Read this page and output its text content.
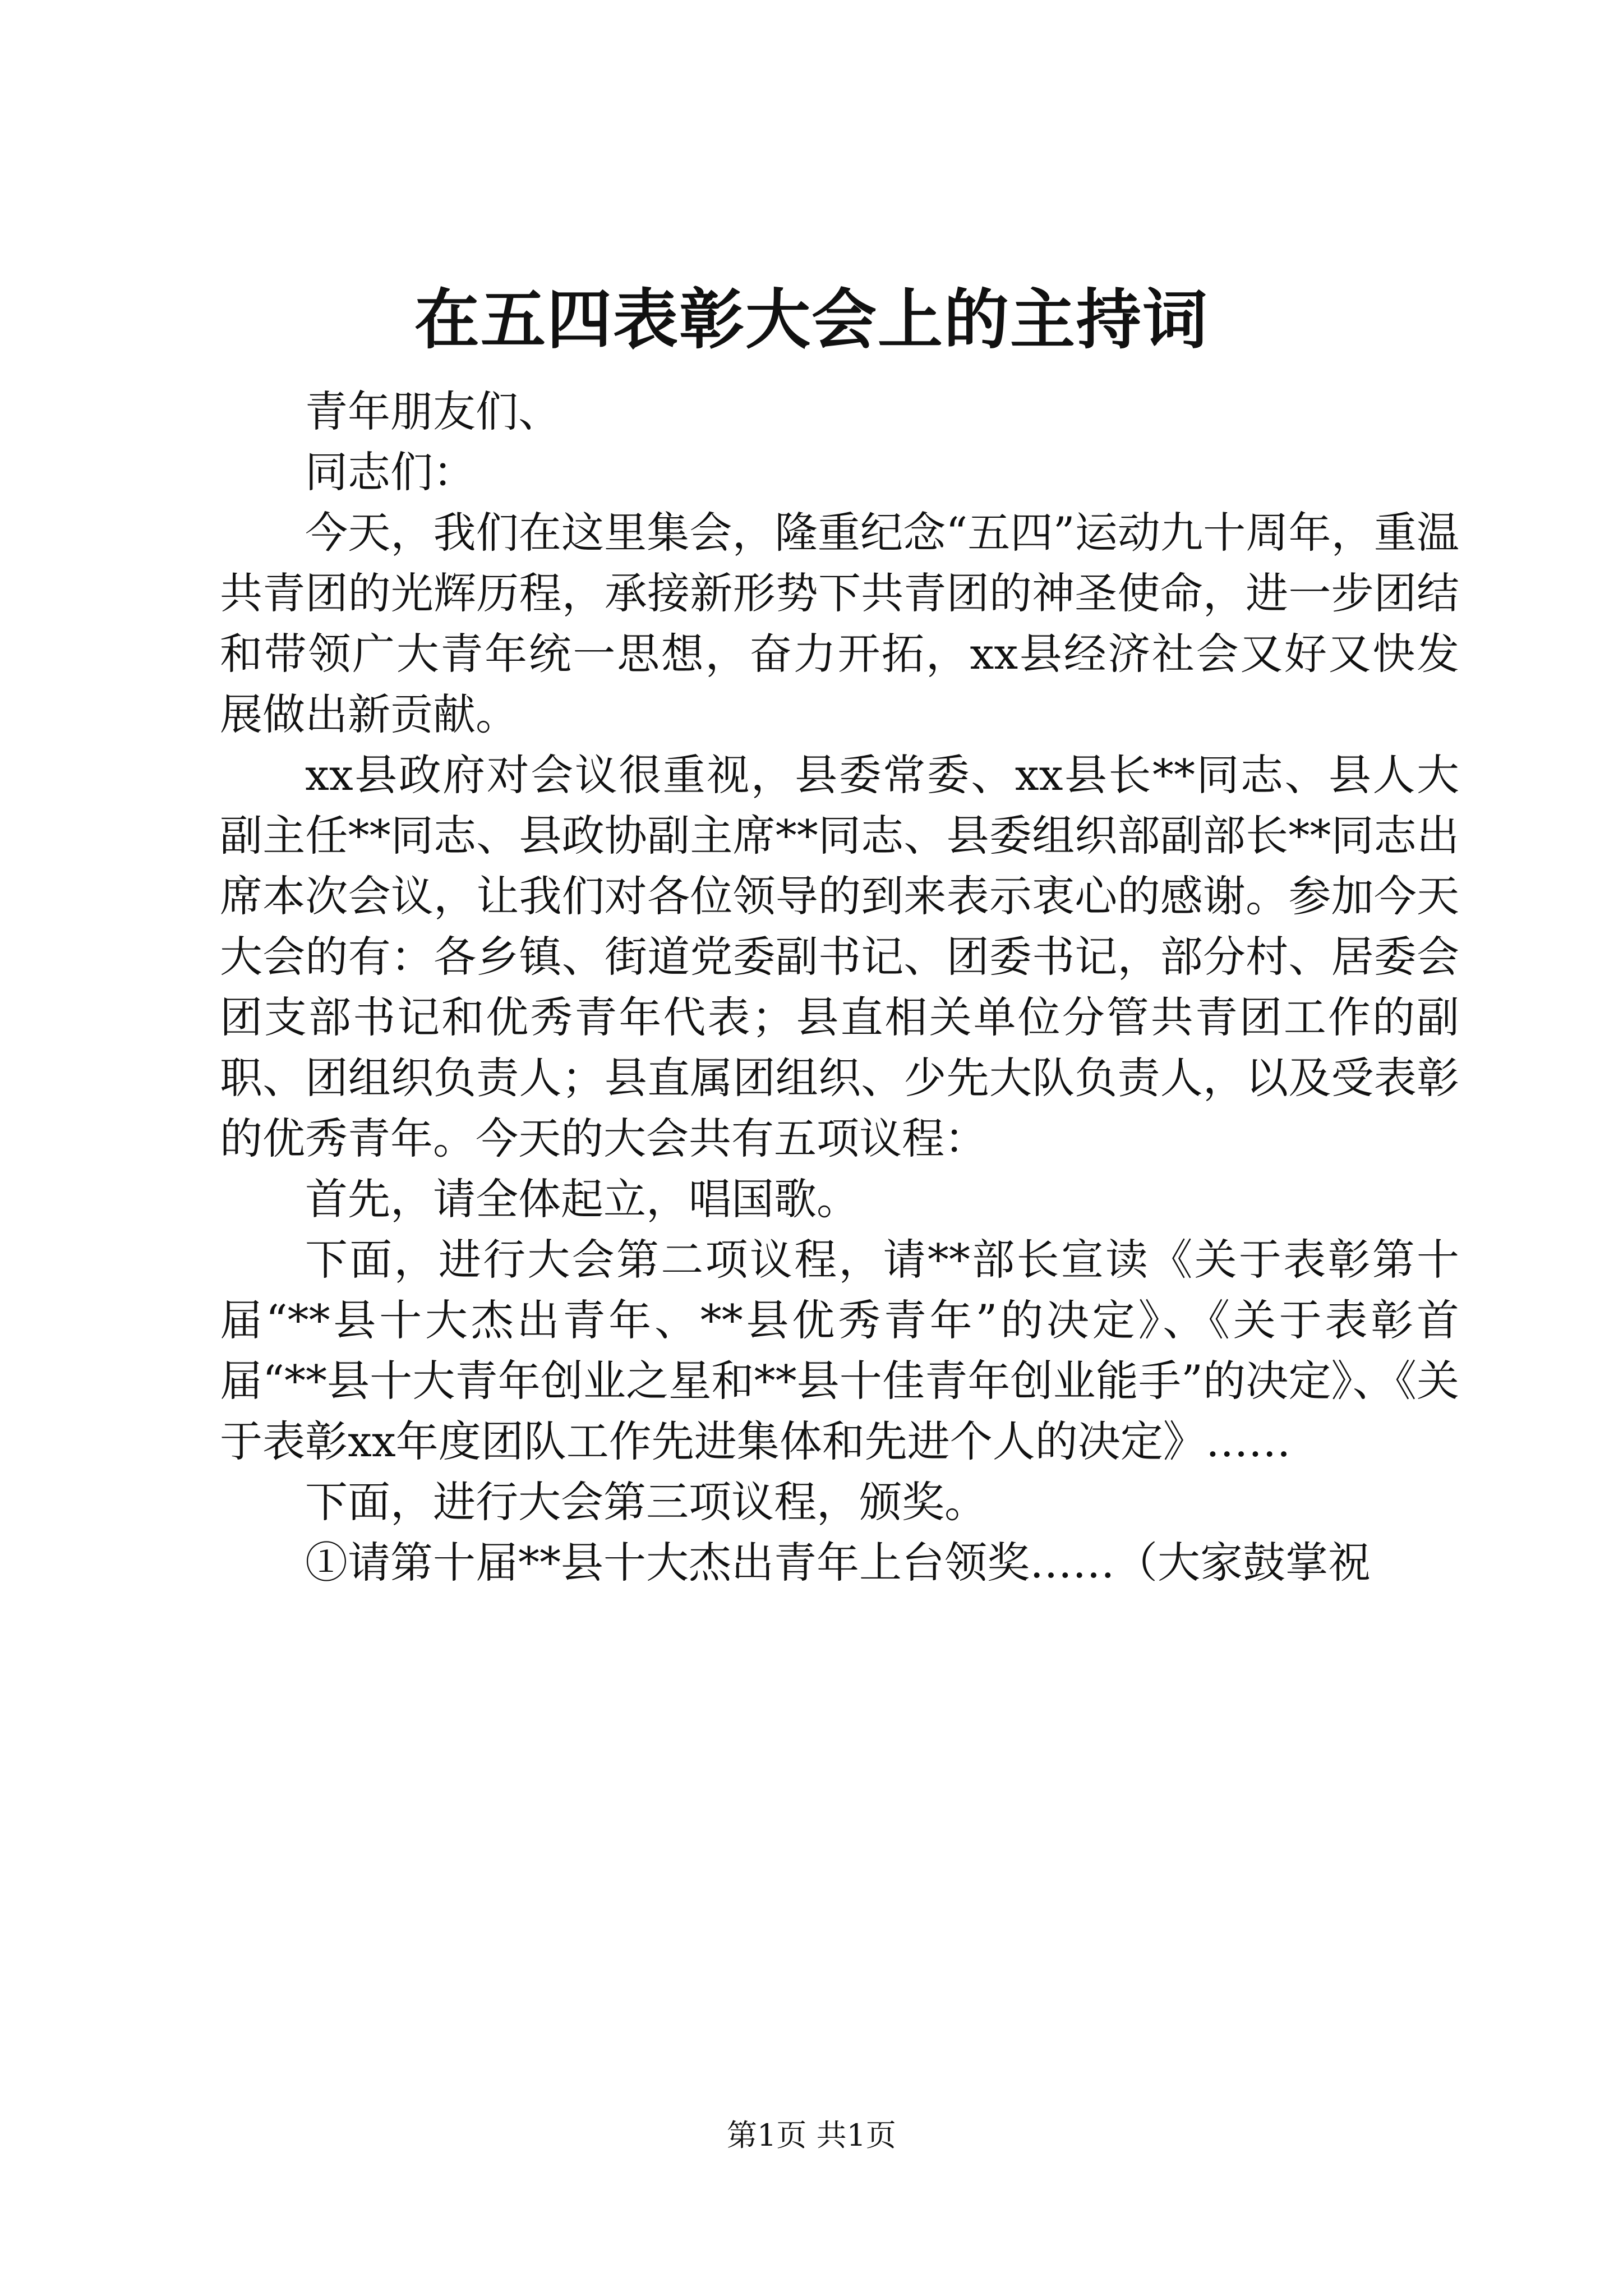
在五四表彰大会上的主持词

青年朋友们、

同志们：

今天，我们在这里集会，隆重纪念“五四”运动九十周年，重温共青团的光辉历程，承接新形势下共青团的神圣使命，进一步团结和带领广大青年统一思想，奋力开拓，xx县经济社会又好又快发展做出新贡献。

xx县政府对会议很重视，县委常委、xx县长**同志、县人大副主任**同志、县政协副主席**同志、县委组织部副部长**同志出席本次会议，让我们对各位领导的到来表示衷心的感谢。参加今天大会的有：各乡镇、街道党委副书记、团委书记，部分村、居委会团支部书记和优秀青年代表；县直相关单位分管共青团工作的副职、团组织负责人；县直属团组织、少先大队负责人，以及受表彰的优秀青年。今天的大会共有五项议程：

首先，请全体起立，唱国歌。

下面，进行大会第二项议程，请**部长宣读《关于表彰第十届“**县十大杰出青年、**县优秀青年”的决定》、《关于表彰首届“**县十大青年创业之星和**县十佳青年创业能手”的决定》、《关于表彰xx年度团队工作先进集体和先进个人的决定》……

下面，进行大会第三项议程，颁奖。

①请第十届**县十大杰出青年上台领奖……（大家鼓掌祝

第1页 共1页
